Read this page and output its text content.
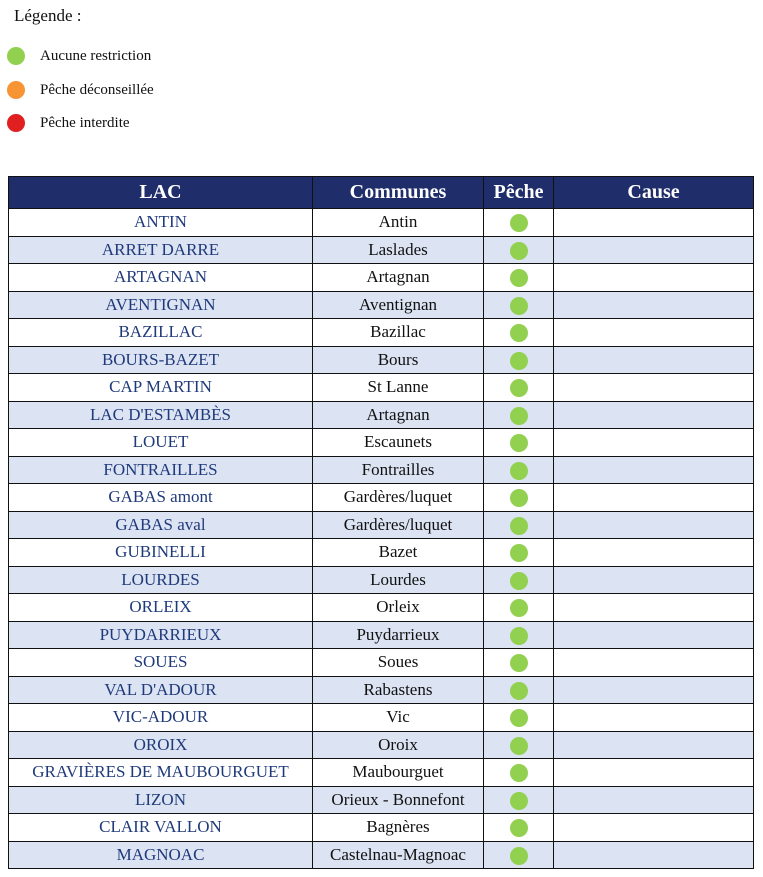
Légende :
Aucune restriction
Pêche déconseillée
Pêche interdite
LAC	Communes	Pêche	Cause
ANTIN	Antin		
ARRET DARRE	Laslades		
ARTAGNAN	Artagnan		
AVENTIGNAN	Aventignan		
BAZILLAC	Bazillac		
BOURS-BAZET	Bours		
CAP MARTIN	St Lanne		
LAC D'ESTAMBÈS	Artagnan		
LOUET	Escaunets		
FONTRAILLES	Fontrailles		
GABAS amont	Gardères/luquet		
GABAS aval	Gardères/luquet		
GUBINELLI	Bazet		
LOURDES	Lourdes		
ORLEIX	Orleix		
PUYDARRIEUX	Puydarrieux		
SOUES	Soues		
VAL D'ADOUR	Rabastens		
VIC-ADOUR	Vic		
OROIX	Oroix		
GRAVIÈRES DE MAUBOURGUET	Maubourguet		
LIZON	Orieux - Bonnefont		
CLAIR VALLON	Bagnères		
MAGNOAC	Castelnau-Magnoac		
